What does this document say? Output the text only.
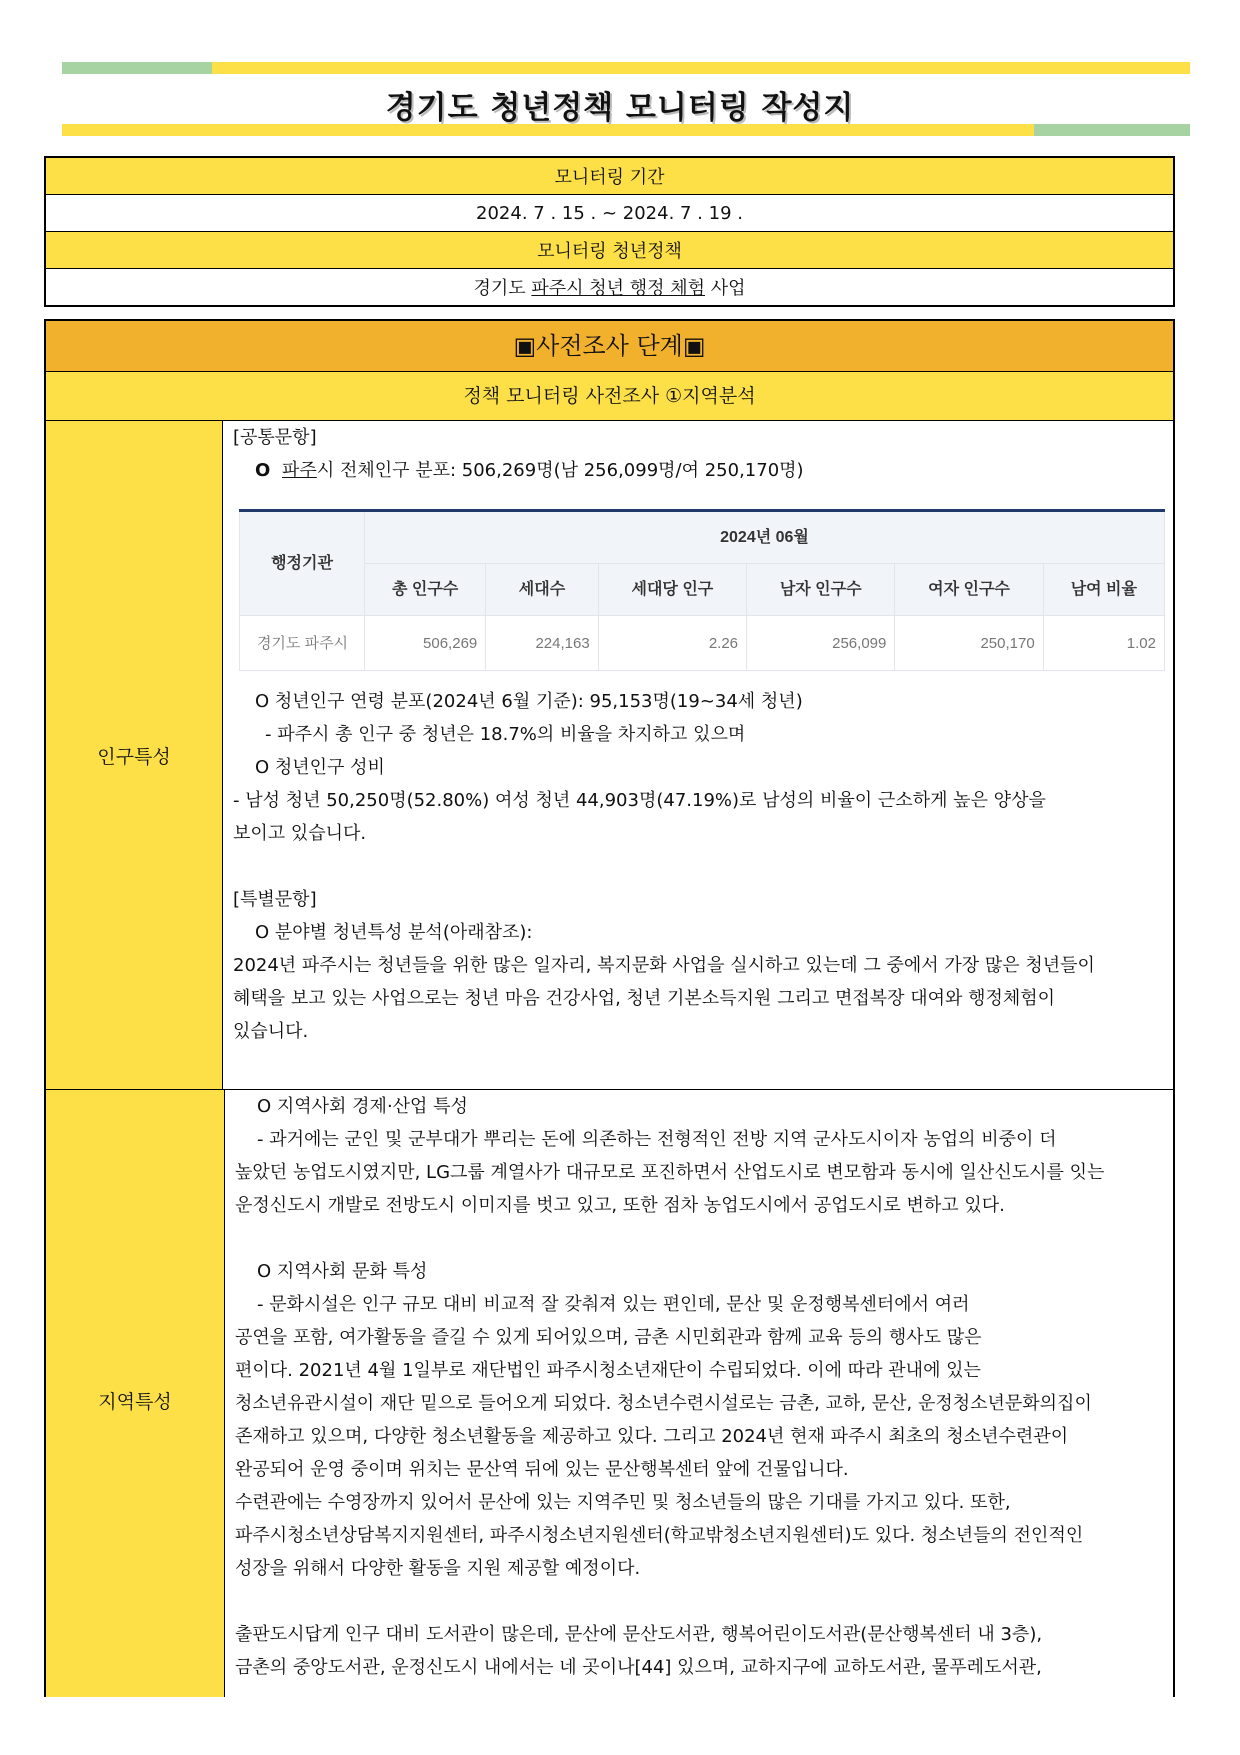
경기도 청년정책 모니터링 작성지
모니터링 기간
2024. 7 . 15 . ~ 2024. 7 . 19 .
모니터링 청년정책
경기도 파주시 청년 행정 체험 사업
▣사전조사 단계▣
정책 모니터링 사전조사 ①지역분석
인구특성

[공통문항]

O 파주시 전체인구 분포: 506,269명(남 256,099명/여 250,170명)

행정기관	2024년 06월					
	총 인구수	세대수	세대당 인구	남자 인구수	여자 인구수	남여 비율
경기도 파주시	506,269	224,163	2.26	256,099	250,170	1.02

O 청년인구 연령 분포(2024년 6월 기준): 95,153명(19~34세 청년)

- 파주시 총 인구 중 청년은 18.7%의 비율을 차지하고 있으며

O 청년인구 성비

- 남성 청년 50,250명(52.80%) 여성 청년 44,903명(47.19%)로 남성의 비율이 근소하게 높은 양상을

보이고 있습니다.

[특별문항]

O 분야별 청년특성 분석(아래참조):

2024년 파주시는 청년들을 위한 많은 일자리, 복지문화 사업을 실시하고 있는데 그 중에서 가장 많은 청년들이

혜택을 보고 있는 사업으로는 청년 마음 건강사업, 청년 기본소득지원 그리고 면접복장 대여와 행정체험이

있습니다.

지역특성

O 지역사회 경제·산업 특성

- 과거에는 군인 및 군부대가 뿌리는 돈에 의존하는 전형적인 전방 지역 군사도시이자 농업의 비중이 더

높았던 농업도시였지만, LG그룹 계열사가 대규모로 포진하면서 산업도시로 변모함과 동시에 일산신도시를 잇는

운정신도시 개발로 전방도시 이미지를 벗고 있고, 또한 점차 농업도시에서 공업도시로 변하고 있다.

O 지역사회 문화 특성

- 문화시설은 인구 규모 대비 비교적 잘 갖춰져 있는 편인데, 문산 및 운정행복센터에서 여러

공연을 포함, 여가활동을 즐길 수 있게 되어있으며, 금촌 시민회관과 함께 교육 등의 행사도 많은

편이다. 2021년 4월 1일부로 재단법인 파주시청소년재단이 수립되었다. 이에 따라 관내에 있는

청소년유관시설이 재단 밑으로 들어오게 되었다. 청소년수련시설로는 금촌, 교하, 문산, 운정청소년문화의집이

존재하고 있으며, 다양한 청소년활동을 제공하고 있다. 그리고 2024년 현재 파주시 최초의 청소년수련관이

완공되어 운영 중이며 위치는 문산역 뒤에 있는 문산행복센터 앞에 건물입니다.

수련관에는 수영장까지 있어서 문산에 있는 지역주민 및 청소년들의 많은 기대를 가지고 있다. 또한,

파주시청소년상담복지지원센터, 파주시청소년지원센터(학교밖청소년지원센터)도 있다. 청소년들의 전인적인

성장을 위해서 다양한 활동을 지원 제공할 예정이다.

출판도시답게 인구 대비 도서관이 많은데, 문산에 문산도서관, 행복어린이도서관(문산행복센터 내 3층),

금촌의 중앙도서관, 운정신도시 내에서는 네 곳이나[44] 있으며, 교하지구에 교하도서관, 물푸레도서관,
